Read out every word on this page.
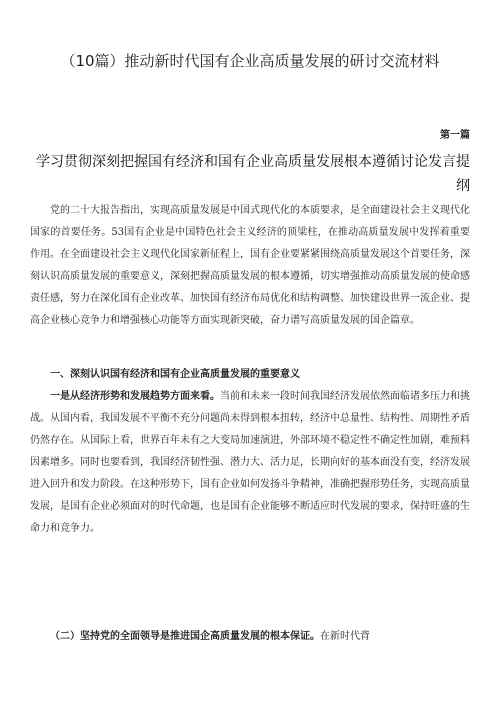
（10篇）推动新时代国有企业高质量发展的研讨交流材料
第一篇
学习贯彻深刻把握国有经济和国有企业高质量发展根本遵循讨论发言提纲

党的二十大报告指出，实现高质量发展是中国式现代化的本质要求，是全面建设社会主义现代化国家的首要任务。53国有企业是中国特色社会主义经济的顶梁柱，在推动高质量发展中发挥着重要作用。在全面建设社会主义现代化国家新征程上，国有企业要紧紧围绕高质量发展这个首要任务，深刻认识高质量发展的重要意义，深刻把握高质量发展的根本遵循，切实增强推动高质量发展的使命感责任感，努力在深化国有企业改革、加快国有经济布局优化和结构调整、加快建设世界一流企业、提高企业核心竞争力和增强核心功能等方面实现新突破，奋力谱写高质量发展的国企篇章。

一、深刻认识国有经济和国有企业高质量发展的重要意义

一是从经济形势和发展趋势方面来看。当前和未来一段时间我国经济发展依然面临诸多压力和挑战。从国内看，我国发展不平衡不充分问题尚未得到根本扭转，经济中总量性、结构性、周期性矛盾仍然存在。从国际上看，世界百年未有之大变局加速演进，外部环境不稳定性不确定性加剧，难预料因素增多。同时也要看到，我国经济韧性强、潜力大、活力足，长期向好的基本面没有变，经济发展进入回升和发力阶段。在这种形势下，国有企业如何发扬斗争精神，准确把握形势任务，实现高质量发展，是国有企业必须面对的时代命题，也是国有企业能够不断适应时代发展的要求，保持旺盛的生命力和竞争力。

（二）坚持党的全面领导是推进国企高质量发展的根本保证。在新时代背
